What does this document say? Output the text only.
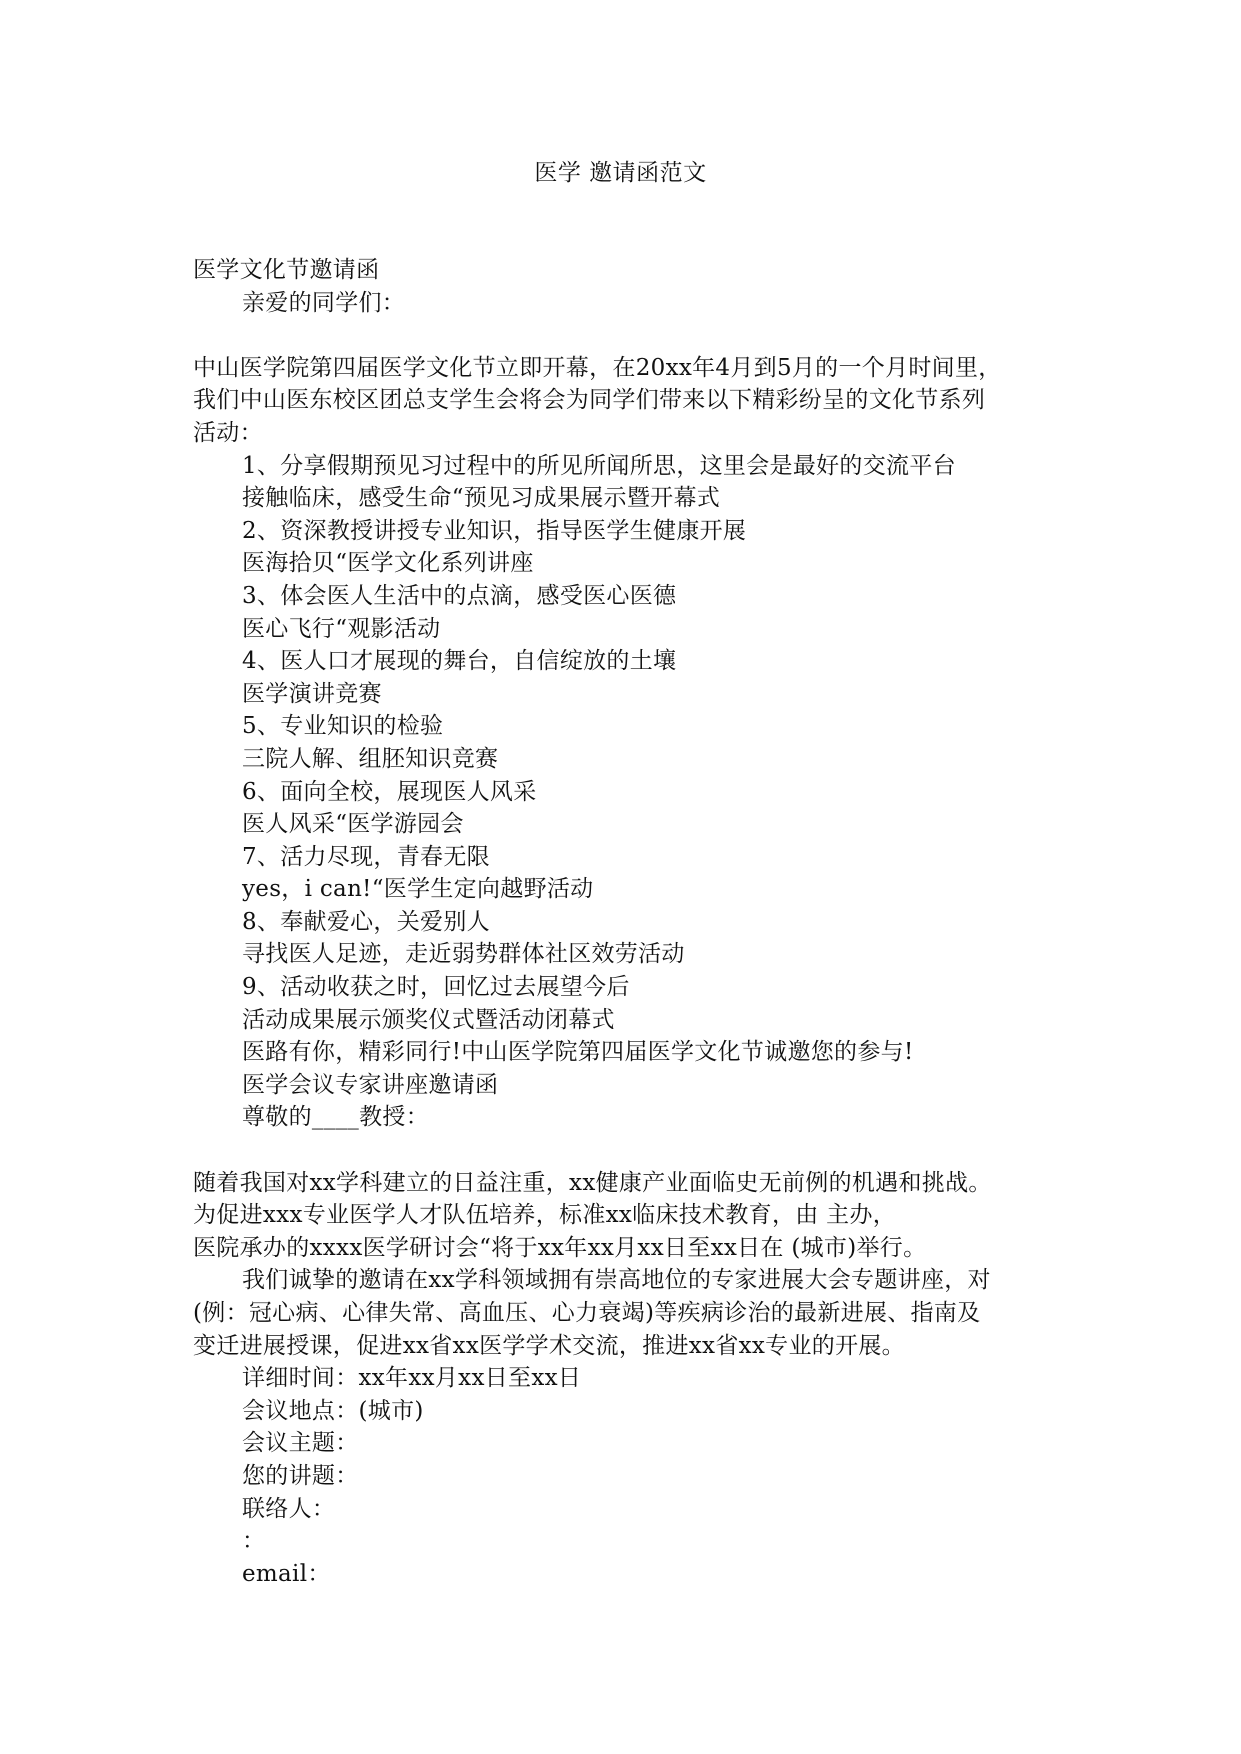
医学 邀请函范文
医学文化节邀请函
亲爱的同学们：
中山医学院第四届医学文化节立即开幕，在20xx年4月到5月的一个月时间里，
我们中山医东校区团总支学生会将会为同学们带来以下精彩纷呈的文化节系列
活动：
1、分享假期预见习过程中的所见所闻所思，这里会是最好的交流平台
接触临床，感受生命“预见习成果展示暨开幕式
2、资深教授讲授专业知识，指导医学生健康开展
医海拾贝“医学文化系列讲座
3、体会医人生活中的点滴，感受医心医德
医心飞行“观影活动
4、医人口才展现的舞台，自信绽放的土壤
医学演讲竞赛
5、专业知识的检验
三院人解、组胚知识竞赛
6、面向全校，展现医人风采
医人风采“医学游园会
7、活力尽现，青春无限
yes，i can!“医学生定向越野活动
8、奉献爱心，关爱别人
寻找医人足迹，走近弱势群体社区效劳活动
9、活动收获之时，回忆过去展望今后
活动成果展示颁奖仪式暨活动闭幕式
医路有你，精彩同行!中山医学院第四届医学文化节诚邀您的参与!
医学会议专家讲座邀请函
尊敬的____教授：
随着我国对xx学科建立的日益注重，xx健康产业面临史无前例的机遇和挑战。
为促进xxx专业医学人才队伍培养，标准xx临床技术教育，由 主办，
医院承办的xxxx医学研讨会“将于xx年xx月xx日至xx日在 (城市)举行。
我们诚挚的邀请在xx学科领域拥有崇高地位的专家进展大会专题讲座，对
(例：冠心病、心律失常、高血压、心力衰竭)等疾病诊治的最新进展、指南及
变迁进展授课，促进xx省xx医学学术交流，推进xx省xx专业的开展。
详细时间：xx年xx月xx日至xx日
会议地点：(城市)
会议主题：
您的讲题：
联络人：
：
email：
